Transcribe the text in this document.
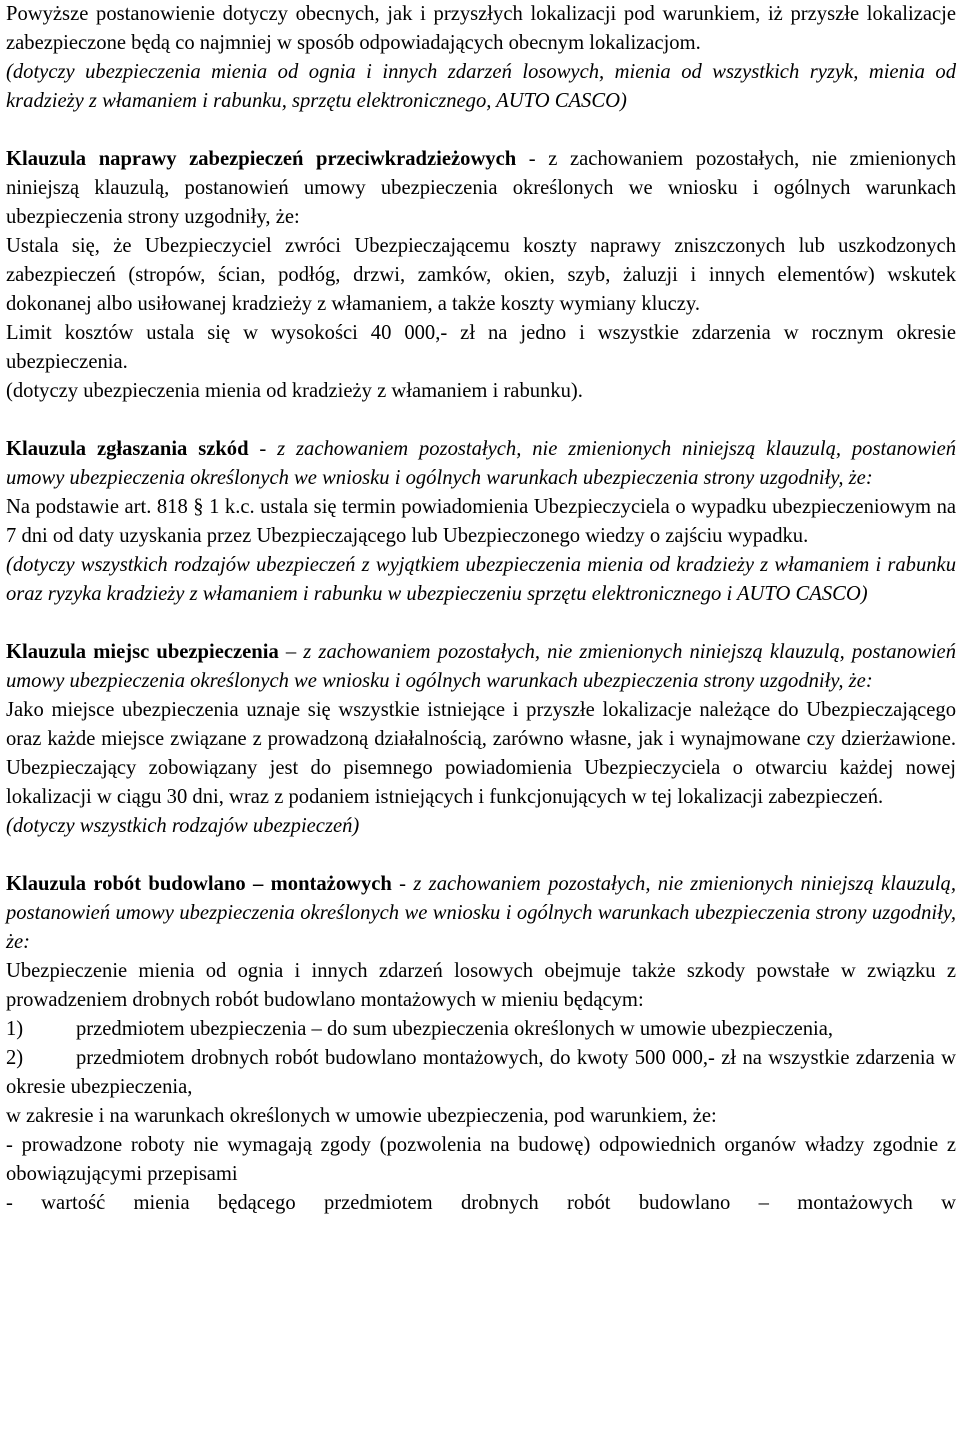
Powyższe postanowienie dotyczy obecnych, jak i przyszłych lokalizacji pod warunkiem, iż przyszłe lokalizacje zabezpieczone będą co najmniej w sposób odpowiadających obecnym lokalizacjom.

(dotyczy ubezpieczenia mienia od ognia i innych zdarzeń losowych, mienia od wszystkich ryzyk, mienia od kradzieży z włamaniem i rabunku, sprzętu elektronicznego, AUTO CASCO)

Klauzula naprawy zabezpieczeń przeciwkradzieżowych - z zachowaniem pozostałych, nie zmienionych niniejszą klauzulą, postanowień umowy ubezpieczenia określonych we wniosku i ogólnych warunkach ubezpieczenia strony uzgodniły, że:

Ustala się, że Ubezpieczyciel zwróci Ubezpieczającemu koszty naprawy zniszczonych lub uszkodzonych zabezpieczeń (stropów, ścian, podłóg, drzwi, zamków, okien, szyb, żaluzji i innych elementów) wskutek dokonanej albo usiłowanej kradzieży z włamaniem, a także koszty wymiany kluczy.

Limit kosztów ustala się w wysokości 40 000,- zł na jedno i wszystkie zdarzenia w rocznym okresie ubezpieczenia.

(dotyczy ubezpieczenia mienia od kradzieży z włamaniem i rabunku).

Klauzula zgłaszania szkód - z zachowaniem pozostałych, nie zmienionych niniejszą klauzulą, postanowień umowy ubezpieczenia określonych we wniosku i ogólnych warunkach ubezpieczenia strony uzgodniły, że:

Na podstawie art. 818 § 1 k.c. ustala się termin powiadomienia Ubezpieczyciela o wypadku ubezpieczeniowym na 7 dni od daty uzyskania przez Ubezpieczającego lub Ubezpieczonego wiedzy o zajściu wypadku.

(dotyczy wszystkich rodzajów ubezpieczeń z wyjątkiem ubezpieczenia mienia od kradzieży z włamaniem i rabunku oraz ryzyka kradzieży z włamaniem i rabunku w ubezpieczeniu sprzętu elektronicznego i AUTO CASCO)

Klauzula miejsc ubezpieczenia – z zachowaniem pozostałych, nie zmienionych niniejszą klauzulą, postanowień umowy ubezpieczenia określonych we wniosku i ogólnych warunkach ubezpieczenia strony uzgodniły, że:

Jako miejsce ubezpieczenia uznaje się wszystkie istniejące i przyszłe lokalizacje należące do Ubezpieczającego oraz każde miejsce związane z prowadzoną działalnością, zarówno własne, jak i wynajmowane czy dzierżawione. Ubezpieczający zobowiązany jest do pisemnego powiadomienia Ubezpieczyciela o otwarciu każdej nowej lokalizacji w ciągu 30 dni, wraz z podaniem istniejących i funkcjonujących w tej lokalizacji zabezpieczeń.

(dotyczy wszystkich rodzajów ubezpieczeń)

Klauzula robót budowlano – montażowych - z zachowaniem pozostałych, nie zmienionych niniejszą klauzulą, postanowień umowy ubezpieczenia określonych we wniosku i ogólnych warunkach ubezpieczenia strony uzgodniły, że:

Ubezpieczenie mienia od ognia i innych zdarzeń losowych obejmuje także szkody powstałe w związku z prowadzeniem drobnych robót budowlano montażowych w mieniu będącym:

1)	przedmiotem ubezpieczenia – do sum ubezpieczenia określonych w umowie ubezpieczenia,

2)	przedmiotem drobnych robót budowlano montażowych, do kwoty 500 000,- zł na wszystkie zdarzenia w okresie ubezpieczenia,

w zakresie i na warunkach określonych w umowie ubezpieczenia, pod warunkiem, że:

- prowadzone roboty nie wymagają zgody (pozwolenia na budowę) odpowiednich organów władzy zgodnie z obowiązującymi przepisami

- wartość mienia będącego przedmiotem drobnych robót budowlano – montażowych w
